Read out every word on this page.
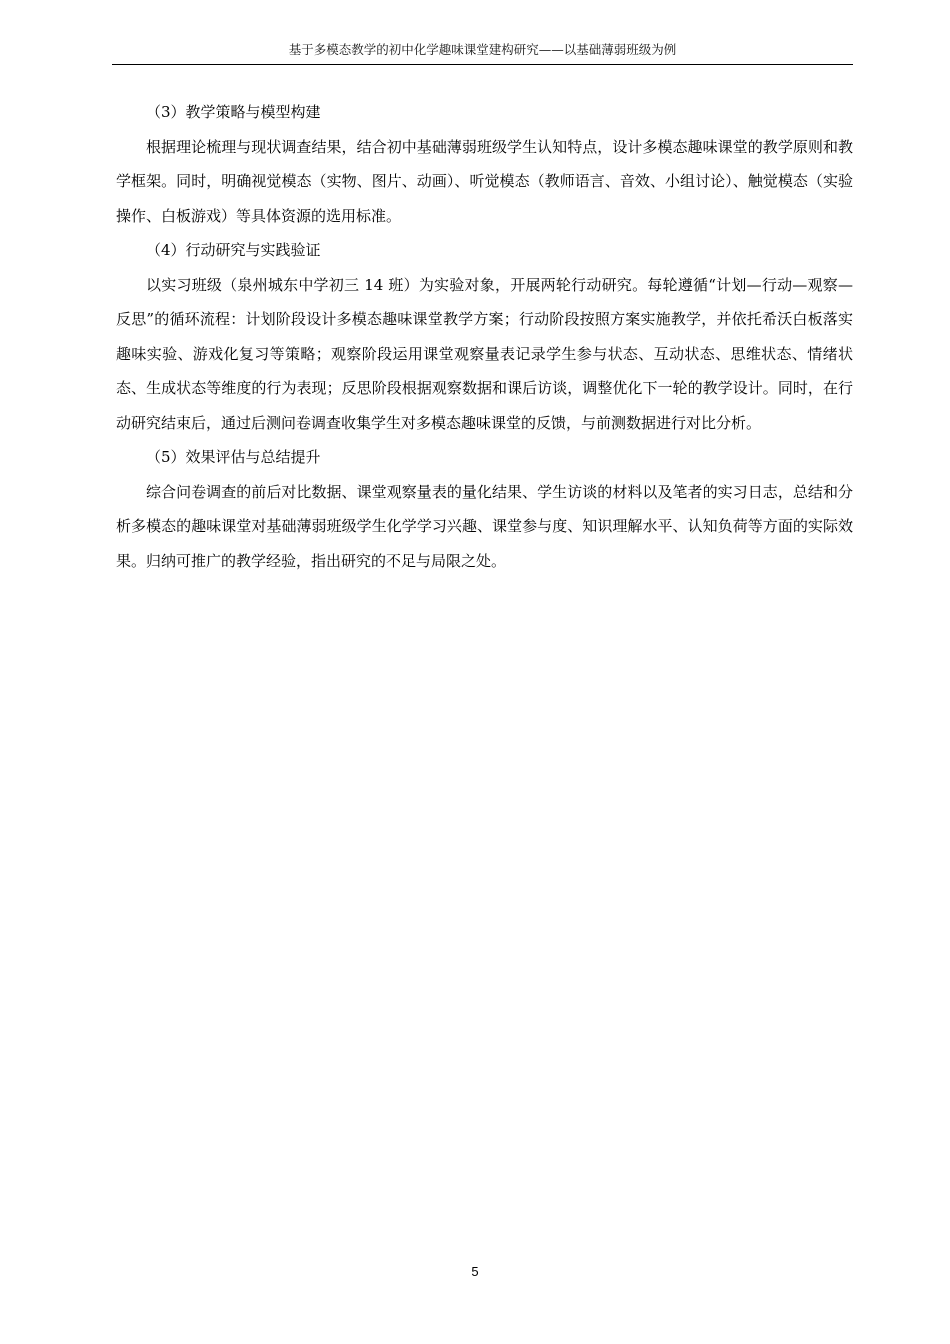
基于多模态教学的初中化学趣味课堂建构研究——以基础薄弱班级为例

（3）教学策略与模型构建

根据理论梳理与现状调查结果，结合初中基础薄弱班级学生认知特点，设计多模态趣味课堂的教学原则和教学框架。同时，明确视觉模态（实物、图片、动画）、听觉模态（教师语言、音效、小组讨论）、触觉模态（实验操作、白板游戏）等具体资源的选用标准。

（4）行动研究与实践验证

以实习班级（泉州城东中学初三 14 班）为实验对象，开展两轮行动研究。每轮遵循“计划—行动—观察—反思”的循环流程：计划阶段设计多模态趣味课堂教学方案；行动阶段按照方案实施教学，并依托希沃白板落实趣味实验、游戏化复习等策略；观察阶段运用课堂观察量表记录学生参与状态、互动状态、思维状态、情绪状态、生成状态等维度的行为表现；反思阶段根据观察数据和课后访谈，调整优化下一轮的教学设计。同时，在行动研究结束后，通过后测问卷调查收集学生对多模态趣味课堂的反馈，与前测数据进行对比分析。

（5）效果评估与总结提升

综合问卷调查的前后对比数据、课堂观察量表的量化结果、学生访谈的材料以及笔者的实习日志，总结和分析多模态的趣味课堂对基础薄弱班级学生化学学习兴趣、课堂参与度、知识理解水平、认知负荷等方面的实际效果。归纳可推广的教学经验，指出研究的不足与局限之处。

5
